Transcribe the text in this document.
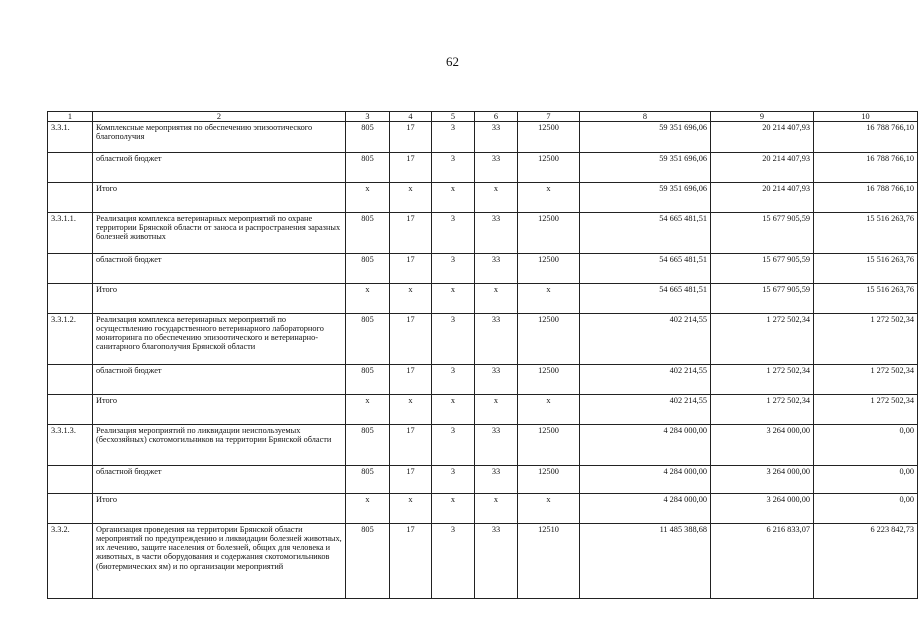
62
1	2	3	4	5	6	7	8	9	10
3.3.1.	Комплексные мероприятия по обеспечению эпизоотического благополучия	805	17	3	33	12500	59 351 696,06	20 214 407,93	16 788 766,10
	областной бюджет	805	17	3	33	12500	59 351 696,06	20 214 407,93	16 788 766,10
	Итого	х	х	х	х	х	59 351 696,06	20 214 407,93	16 788 766,10
3.3.1.1.	Реализация комплекса ветеринарных мероприятий по охране территории Брянской области от заноса и распространения заразных болезней животных	805	17	3	33	12500	54 665 481,51	15 677 905,59	15 516 263,76
	областной бюджет	805	17	3	33	12500	54 665 481,51	15 677 905,59	15 516 263,76
	Итого	х	х	х	х	х	54 665 481,51	15 677 905,59	15 516 263,76
3.3.1.2.	Реализация комплекса ветеринарных мероприятий по осуществлению государственного ветеринарного лабораторного мониторинга по обеспечению эпизоотического и ветеринарно-санитарного благополучия Брянской области	805	17	3	33	12500	402 214,55	1 272 502,34	1 272 502,34
	областной бюджет	805	17	3	33	12500	402 214,55	1 272 502,34	1 272 502,34
	Итого	х	х	х	х	х	402 214,55	1 272 502,34	1 272 502,34
3.3.1.3.	Реализация мероприятий по ликвидации неиспользуемых (бесхозяйных) скотомогильников на территории Брянской области	805	17	3	33	12500	4 284 000,00	3 264 000,00	0,00
	областной бюджет	805	17	3	33	12500	4 284 000,00	3 264 000,00	0,00
	Итого	х	х	х	х	х	4 284 000,00	3 264 000,00	0,00
3.3.2.	Организация проведения на территории Брянской области мероприятий по предупреждению и ликвидации болезней животных, их лечению, защите населения от болезней, общих для человека и животных, в части оборудования и содержания скотомогильников (биотермических ям) и по организации мероприятий	805	17	3	33	12510	11 485 388,68	6 216 833,07	6 223 842,73
